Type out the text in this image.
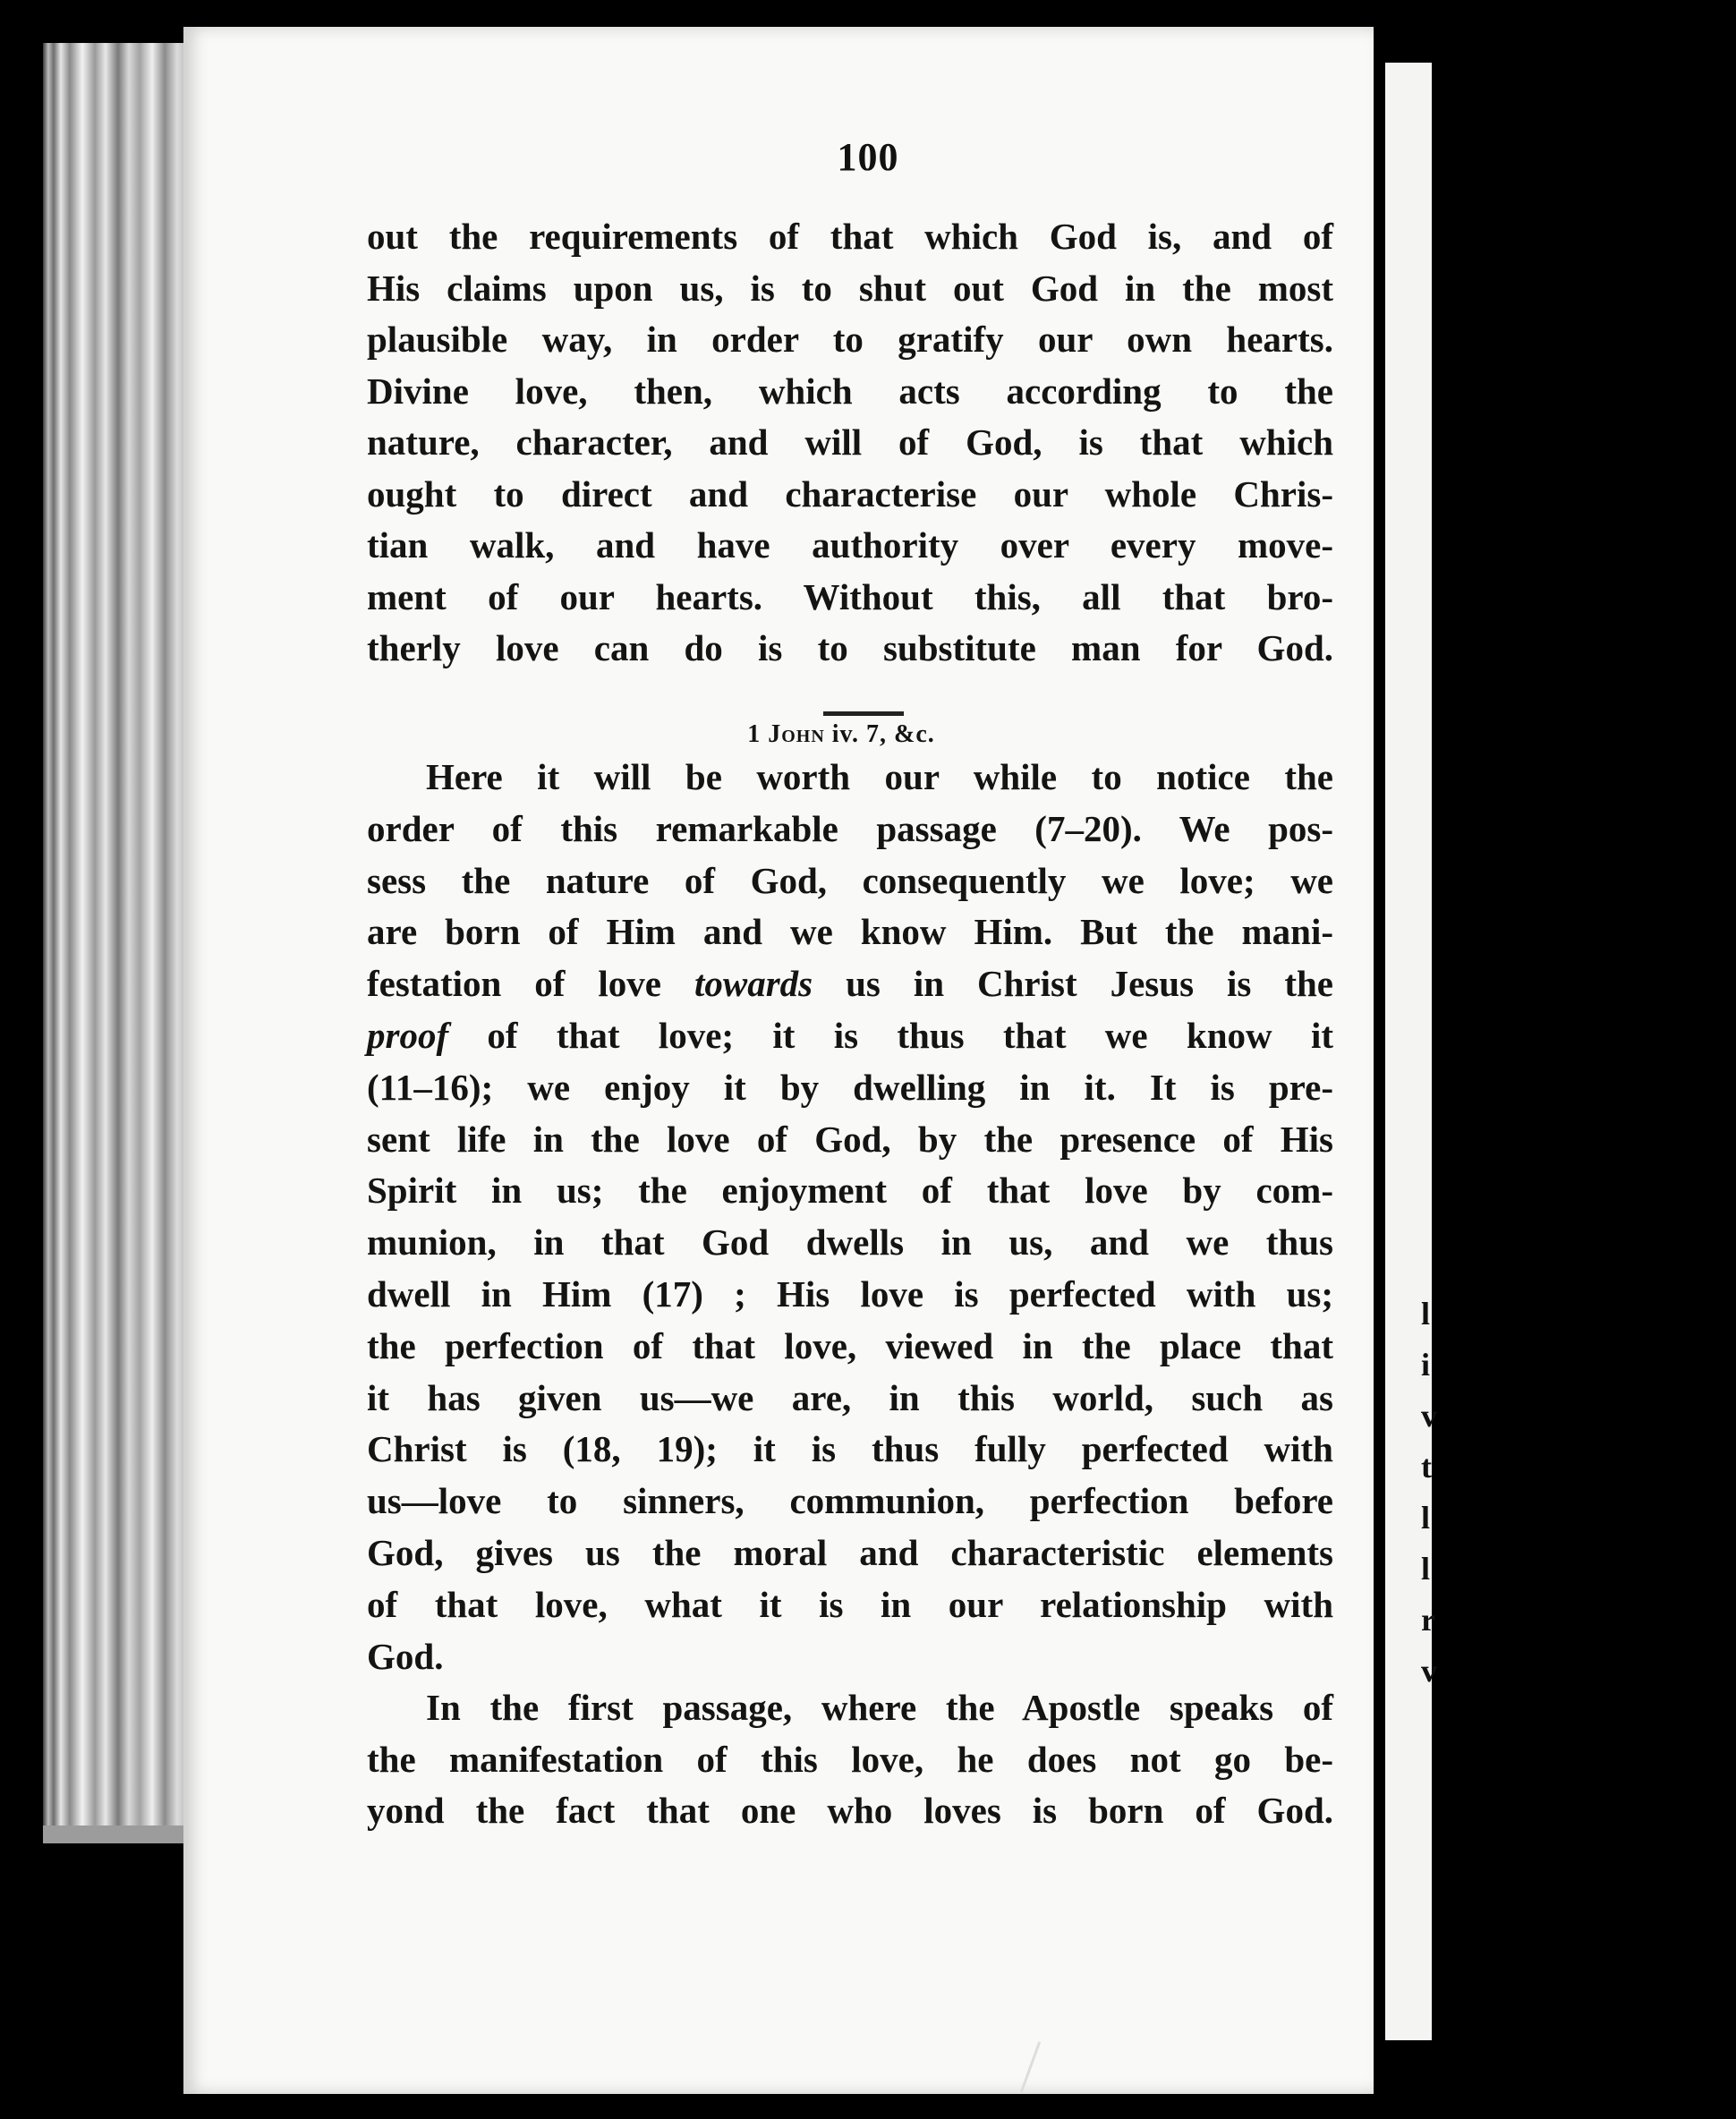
l
i
v
t
l
l
r
v
100
out the requirements of that which God is, and of
His claims upon us, is to shut out God in the most
plausible way, in order to gratify our own hearts.
Divine love, then, which acts according to the
nature, character, and will of God, is that which
ought to direct and characterise our whole Chris-
tian walk, and have authority over every move-
ment of our hearts. Without this, all that bro-
therly love can do is to substitute man for God.
1 John iv. 7, &c.
Here it will be worth our while to notice the
order of this remarkable passage (7–20). We pos-
sess the nature of God, consequently we love; we
are born of Him and we know Him. But the mani-
festation of love towards us in Christ Jesus is the
proof of that love; it is thus that we know it
(11–16); we enjoy it by dwelling in it. It is pre-
sent life in the love of God, by the presence of His
Spirit in us; the enjoyment of that love by com-
munion, in that God dwells in us, and we thus
dwell in Him (17) ; His love is perfected with us;
the perfection of that love, viewed in the place that
it has given us—we are, in this world, such as
Christ is (18, 19); it is thus fully perfected with
us—love to sinners, communion, perfection before
God, gives us the moral and characteristic elements
of that love, what it is in our relationship with
God.
In the first passage, where the Apostle speaks of
the manifestation of this love, he does not go be-
yond the fact that one who loves is born of God.
